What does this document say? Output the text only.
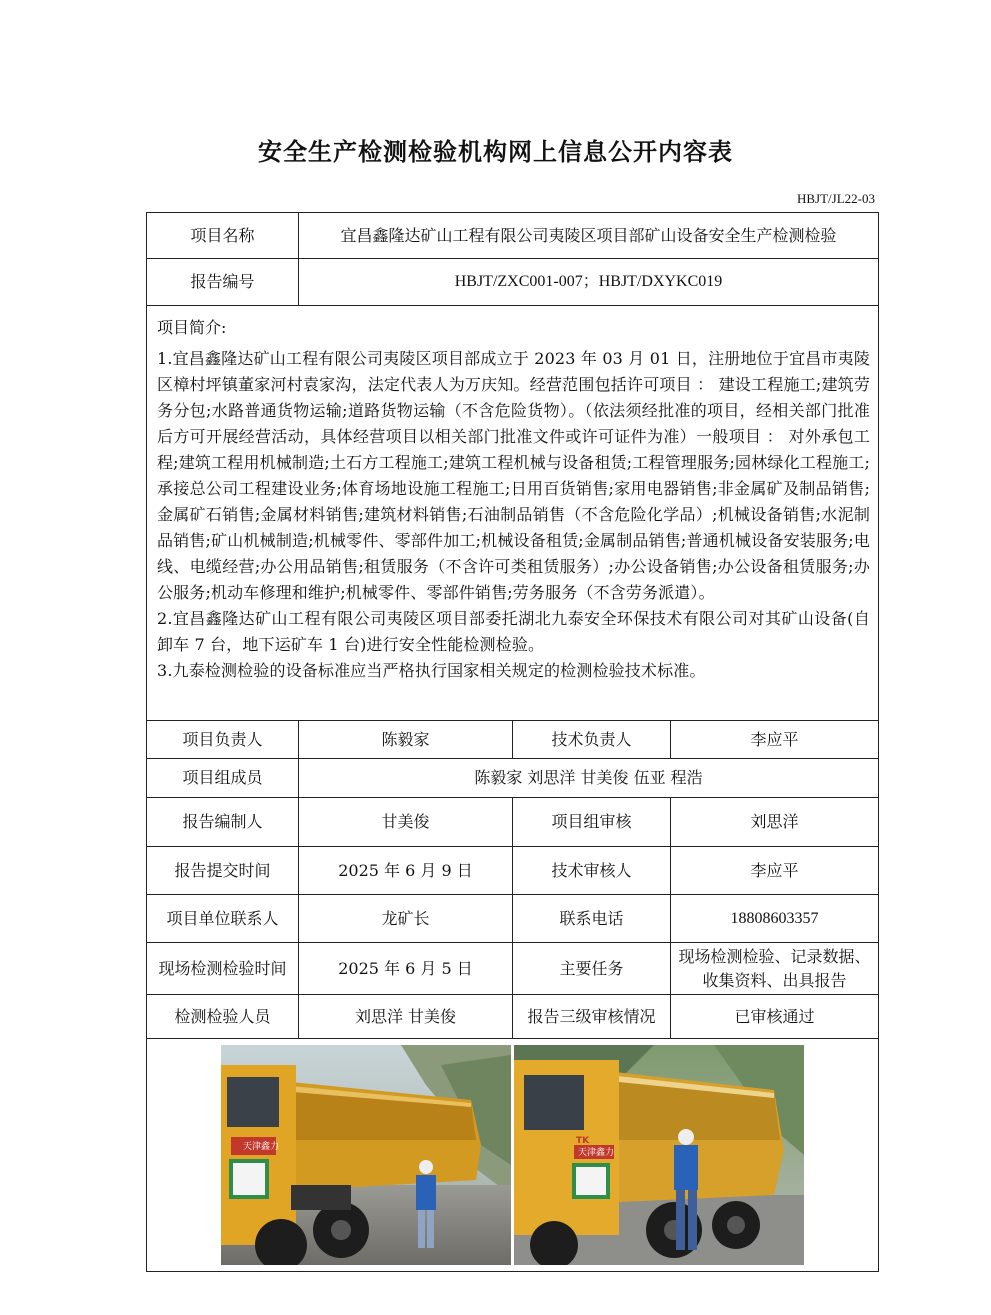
安全生产检测检验机构网上信息公开内容表
HBJT/JL22-03
项目名称	宜昌鑫隆达矿山工程有限公司夷陵区项目部矿山设备安全生产检测检验		
报告编号	HBJT/ZXC001-007；HBJT/DXYKC019		

项目简介:
1.宜昌鑫隆达矿山工程有限公司夷陵区项目部成立于 2023 年 03 月 01 日，注册地位于宜昌市夷陵区樟村坪镇董家河村袁家沟，法定代表人为万庆知。经营范围包括许可项目 ： 建设工程施工;建筑劳务分包;水路普通货物运输;道路货物运输（不含危险货物）。（依法须经批准的项目，经相关部门批准后方可开展经营活动，具体经营项目以相关部门批准文件或许可证件为准）一般项目 ： 对外承包工程;建筑工程用机械制造;土石方工程施工;建筑工程机械与设备租赁;工程管理服务;园林绿化工程施工;承接总公司工程建设业务;体育场地设施工程施工;日用百货销售;家用电器销售;非金属矿及制品销售;金属矿石销售;金属材料销售;建筑材料销售;石油制品销售（不含危险化学品）;机械设备销售;水泥制品销售;矿山机械制造;机械零件、零部件加工;机械设备租赁;金属制品销售;普通机械设备安装服务;电线、电缆经营;办公用品销售;租赁服务（不含许可类租赁服务）;办公设备销售;办公设备租赁服务;办公服务;机动车修理和维护;机械零件、零部件销售;劳务服务（不含劳务派遣）。
2.宜昌鑫隆达矿山工程有限公司夷陵区项目部委托湖北九泰安全环保技术有限公司对其矿山设备(自卸车 7 台，地下运矿车 1 台)进行安全性能检测检验。
3.九泰检测检验的设备标准应当严格执行国家相关规定的检测检验技术标准。			

项目负责人	陈毅家	技术负责人	李应平
项目组成员	陈毅家 刘思洋 甘美俊 伍亚 程浩		
报告编制人	甘美俊	项目组审核	刘思洋
报告提交时间	2025 年 6 月 9 日	技术审核人	李应平
项目单位联系人	龙矿长	联系电话	18808603357
现场检测检验时间	2025 年 6 月 5 日	主要任务	现场检测检验、记录数据、收集资料、出具报告
检测检验人员	刘思洋 甘美俊	报告三级审核情况	已审核通过

天津鑫力
天津鑫力
TK			
